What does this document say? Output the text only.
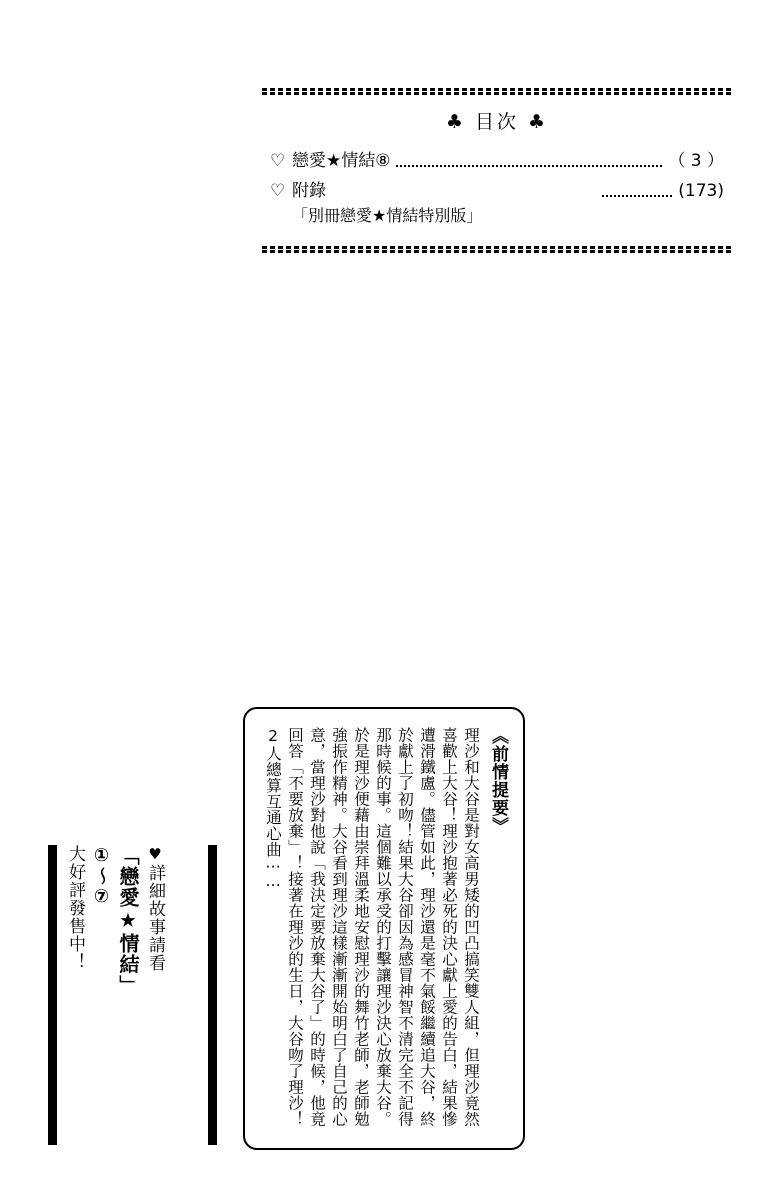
♣ 目次 ♣
♡ 戀愛★情結⑧	（ 3 ）
♡ 附錄
「別冊戀愛★情結特別版」
(173)
《前情提要》
理沙和大谷是對女高男矮的凹凸搞笑雙人組，但理沙竟然喜歡上大谷！理沙抱著必死的決心獻上愛的告白，結果慘遭滑鐵盧。儘管如此，理沙還是毫不氣餒繼續追大谷，終於獻上了初吻！結果大谷卻因為感冒神智不清完全不記得那時候的事。這個難以承受的打擊讓理沙決心放棄大谷。於是理沙便藉由崇拜溫柔地安慰理沙的舞竹老師，老師勉強振作精神。大谷看到理沙這樣漸漸開始明白了自己的心意，當理沙對他說「我決定要放棄大谷了」的時候，他竟回答「不要放棄」！接著在理沙的生日，大谷吻了理沙！2人總算互通心曲⋯⋯
♥詳細故事請看
「戀愛★情結」
①～⑦
大好評發售中！
